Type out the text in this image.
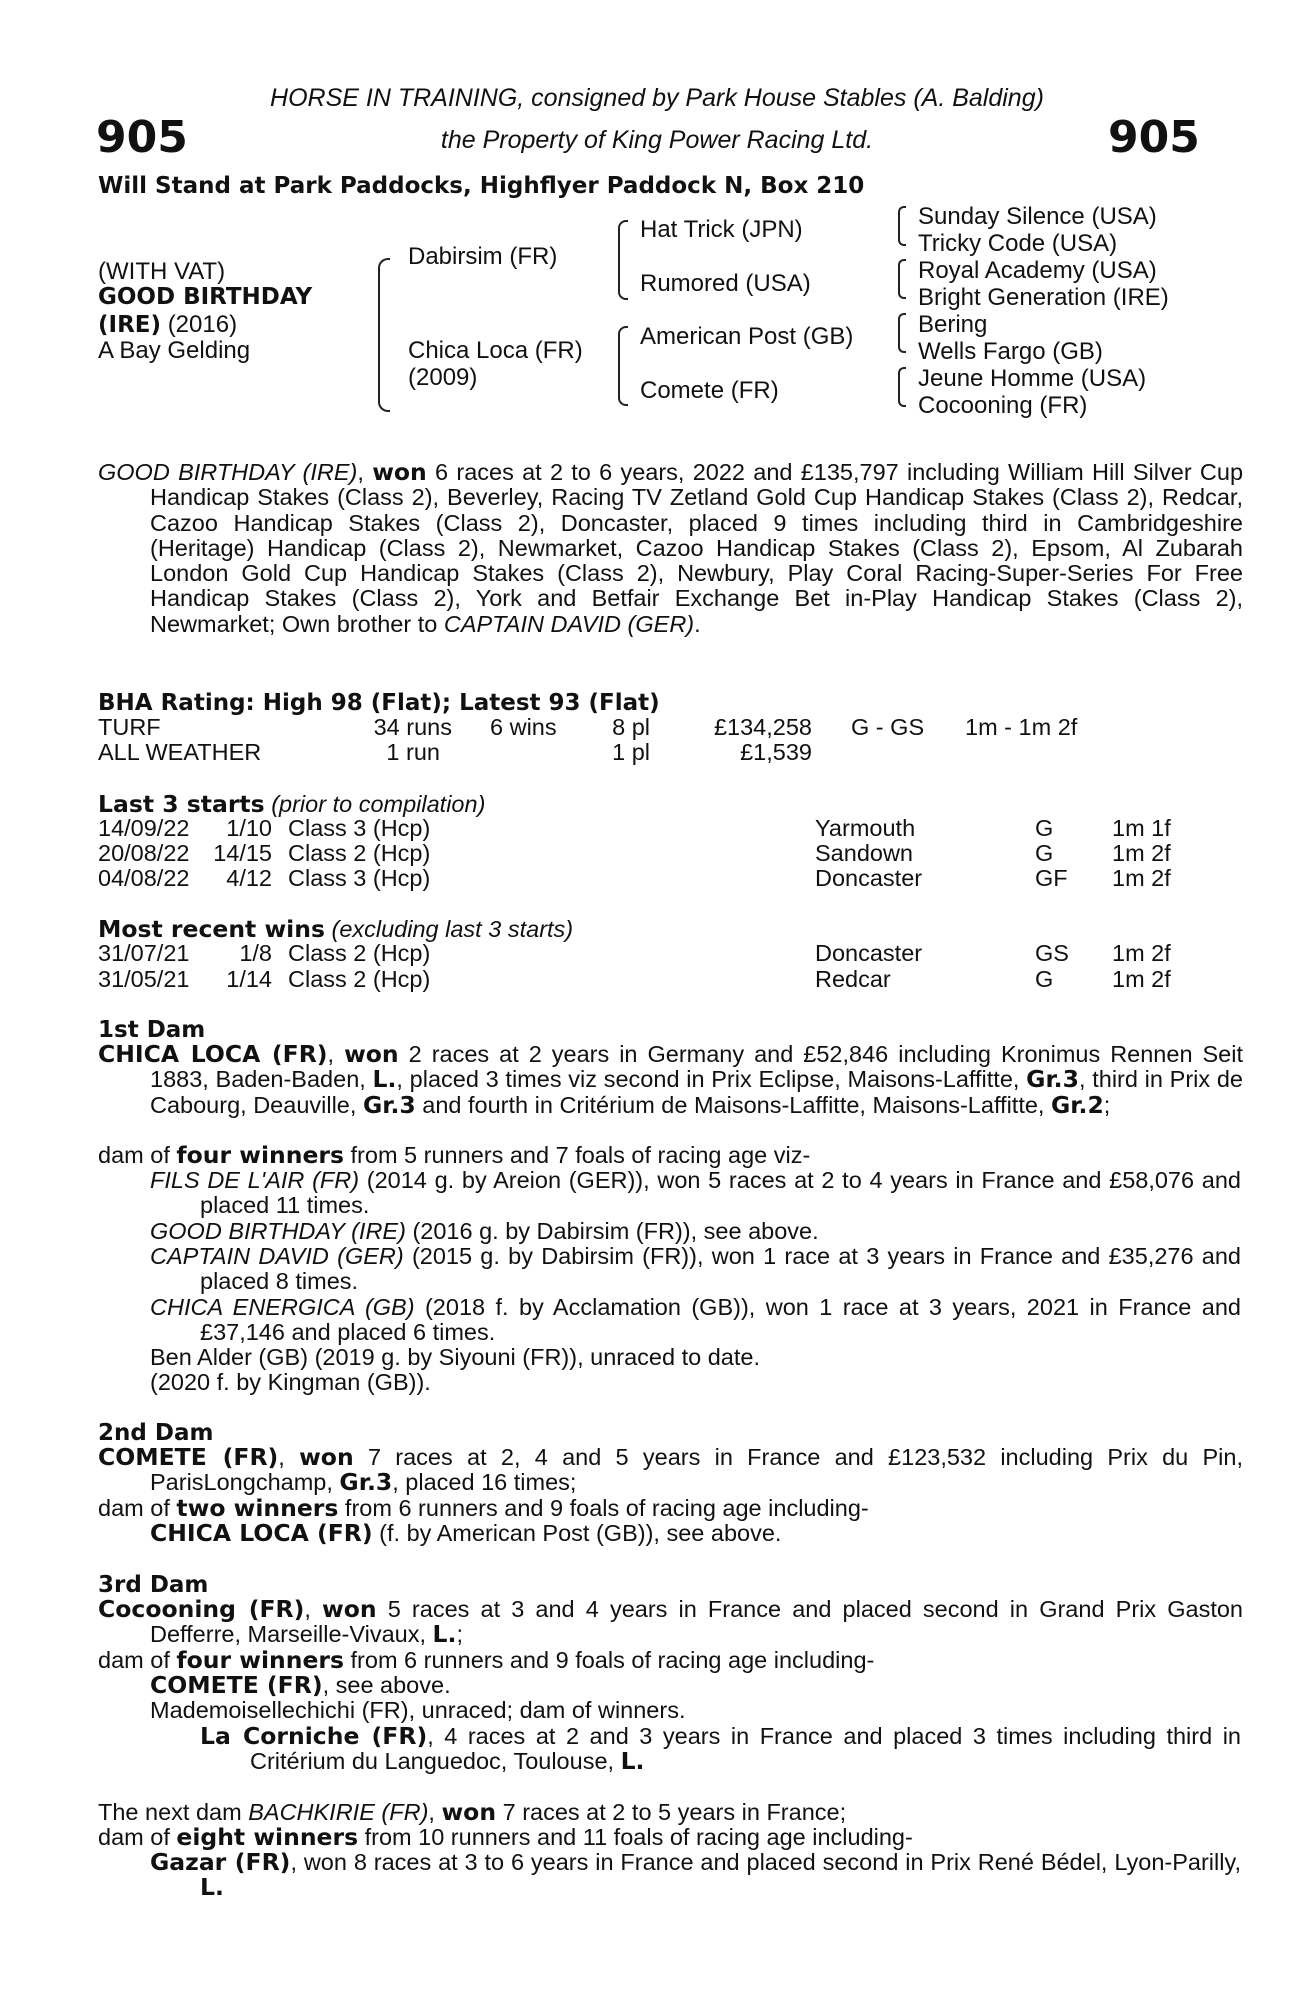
905	905
HORSE IN TRAINING, consigned by Park House Stables (A. Balding)
the Property of King Power Racing Ltd.
Will Stand at Park Paddocks, Highflyer Paddock N, Box 210
(WITH VAT)
GOOD BIRTHDAY
(IRE) (2016)
A Bay Gelding
Dabirsim (FR)
Chica Loca (FR)
(2009)
Hat Trick (JPN)
Rumored (USA)
American Post (GB)
Comete (FR)
Sunday Silence (USA)
Tricky Code (USA)
Royal Academy (USA)
Bright Generation (IRE)
Bering
Wells Fargo (GB)
Jeune Homme (USA)
Cocooning (FR)
GOOD BIRTHDAY (IRE), won 6 races at 2 to 6 years, 2022 and £135,797 including William Hill Silver Cup Handicap Stakes (Class 2), Beverley, Racing TV Zetland Gold Cup Handicap Stakes (Class 2), Redcar, Cazoo Handicap Stakes (Class 2), Doncaster, placed 9 times including third in Cambridgeshire (Heritage) Handicap (Class 2), Newmarket, Cazoo Handicap Stakes (Class 2), Epsom, Al Zubarah London Gold Cup Handicap Stakes (Class 2), Newbury, Play Coral Racing-Super-Series For Free Handicap Stakes (Class 2), York and Betfair Exchange Bet in-Play Handicap Stakes (Class 2), Newmarket; Own brother to CAPTAIN DAVID (GER).
BHA Rating: High 98 (Flat); Latest 93 (Flat)
TURF	34 runs 6 wins	8 pl	£134,258 G - GS 1m - 1m 2f
ALL WEATHER	1 run	1 pl	£1,539
Last 3 starts (prior to compilation)
14/09/22	1/10 Class 3 (Hcp)	Yarmouth	G 1m 1f
20/08/22 14/15 Class 2 (Hcp)	Sandown	G 1m 2f
04/08/22	4/12 Class 3 (Hcp)	Doncaster	GF 1m 2f
Most recent wins (excluding last 3 starts)
31/07/21	1/8 Class 2 (Hcp)	Doncaster	GS 1m 2f
31/05/21	1/14 Class 2 (Hcp)	Redcar	G 1m 2f
1st Dam
CHICA LOCA (FR), won 2 races at 2 years in Germany and £52,846 including Kronimus Rennen Seit 1883, Baden-Baden, L., placed 3 times viz second in Prix Eclipse, Maisons-Laffitte, Gr.3, third in Prix de Cabourg, Deauville, Gr.3 and fourth in Critérium de Maisons-Laffitte, Maisons-Laffitte, Gr.2;
dam of four winners from 5 runners and 7 foals of racing age viz-
FILS DE L'AIR (FR) (2014 g. by Areion (GER)), won 5 races at 2 to 4 years in France and £58,076 and placed 11 times.
GOOD BIRTHDAY (IRE) (2016 g. by Dabirsim (FR)), see above.
CAPTAIN DAVID (GER) (2015 g. by Dabirsim (FR)), won 1 race at 3 years in France and £35,276 and placed 8 times.
CHICA ENERGICA (GB) (2018 f. by Acclamation (GB)), won 1 race at 3 years, 2021 in France and £37,146 and placed 6 times.
Ben Alder (GB) (2019 g. by Siyouni (FR)), unraced to date.
(2020 f. by Kingman (GB)).
2nd Dam
COMETE (FR), won 7 races at 2, 4 and 5 years in France and £123,532 including Prix du Pin, ParisLongchamp, Gr.3, placed 16 times;
dam of two winners from 6 runners and 9 foals of racing age including-
CHICA LOCA (FR) (f. by American Post (GB)), see above.
3rd Dam
Cocooning (FR), won 5 races at 3 and 4 years in France and placed second in Grand Prix Gaston Defferre, Marseille-Vivaux, L.;
dam of four winners from 6 runners and 9 foals of racing age including-
COMETE (FR), see above.
Mademoisellechichi (FR), unraced; dam of winners.
La Corniche (FR), 4 races at 2 and 3 years in France and placed 3 times including third in Critérium du Languedoc, Toulouse, L.
The next dam BACHKIRIE (FR), won 7 races at 2 to 5 years in France;
dam of eight winners from 10 runners and 11 foals of racing age including-
Gazar (FR), won 8 races at 3 to 6 years in France and placed second in Prix René Bédel, Lyon-Parilly, L.
